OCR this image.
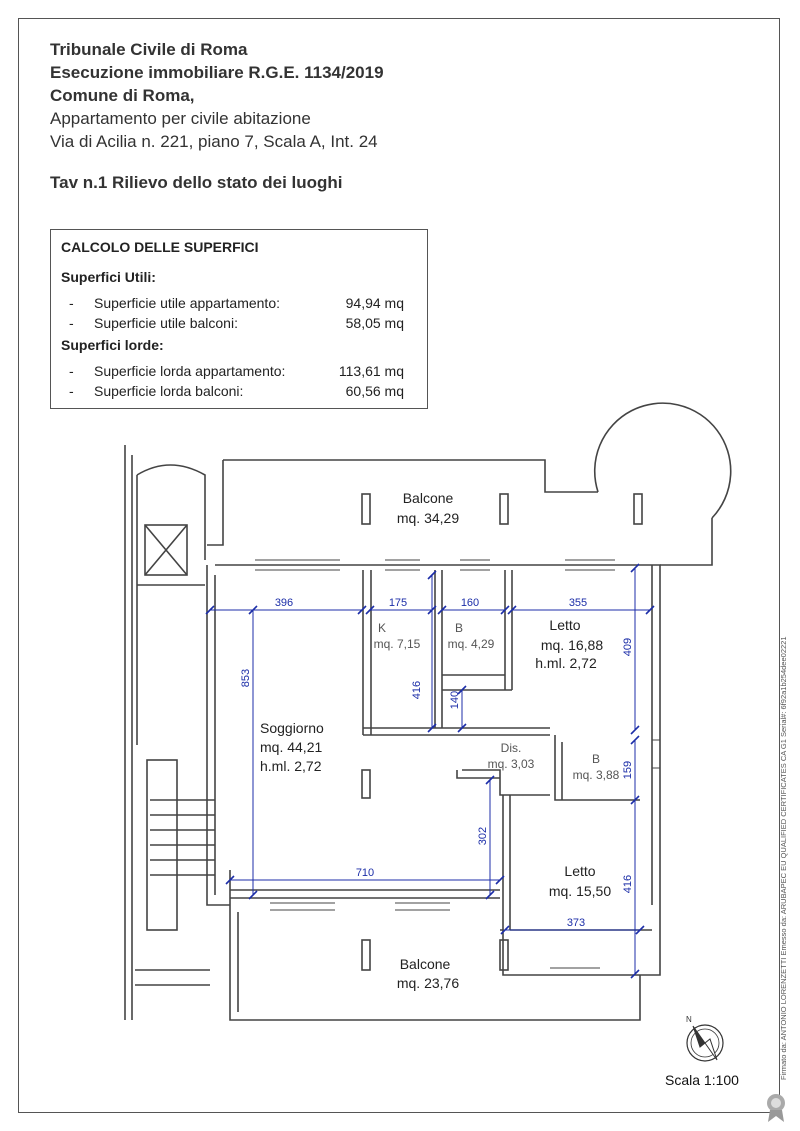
Tribunale Civile di Roma
Esecuzione immobiliare R.G.E. 1134/2019
Comune di Roma,
Appartamento per civile abitazione
Via di Acilia n. 221, piano 7, Scala A, Int. 24
Tav n.1 Rilievo dello stato dei luoghi
CALCOLO DELLE SUPERFICI
Superfici Utili:
-	Superficie utile appartamento:	94,94 mq
-	Superficie utile balconi:	58,05 mq
Superfici lorde:
-	Superficie lorda appartamento:	113,61 mq
-	Superficie lorda balconi:	60,56 mq
Balcone
mq. 34,29
K
mq. 7,15
B
mq. 4,29
Letto
mq. 16,88
h.ml. 2,72
Soggiorno
mq. 44,21
h.ml. 2,72
Dis.
mq. 3,03	B
mq. 3,88
Letto
mq. 15,50
Balcone
mq. 23,76
396	175	160	355
853
416
140
409
159
302
710
416
373
N
Scala 1:100	Firmato da: ANTONIO LORENZETTI Emesso da: ARUBAPEC EU QUALIFIED CERTIFICATES CA G1 Serial#: 6f92a1b254dee02221
